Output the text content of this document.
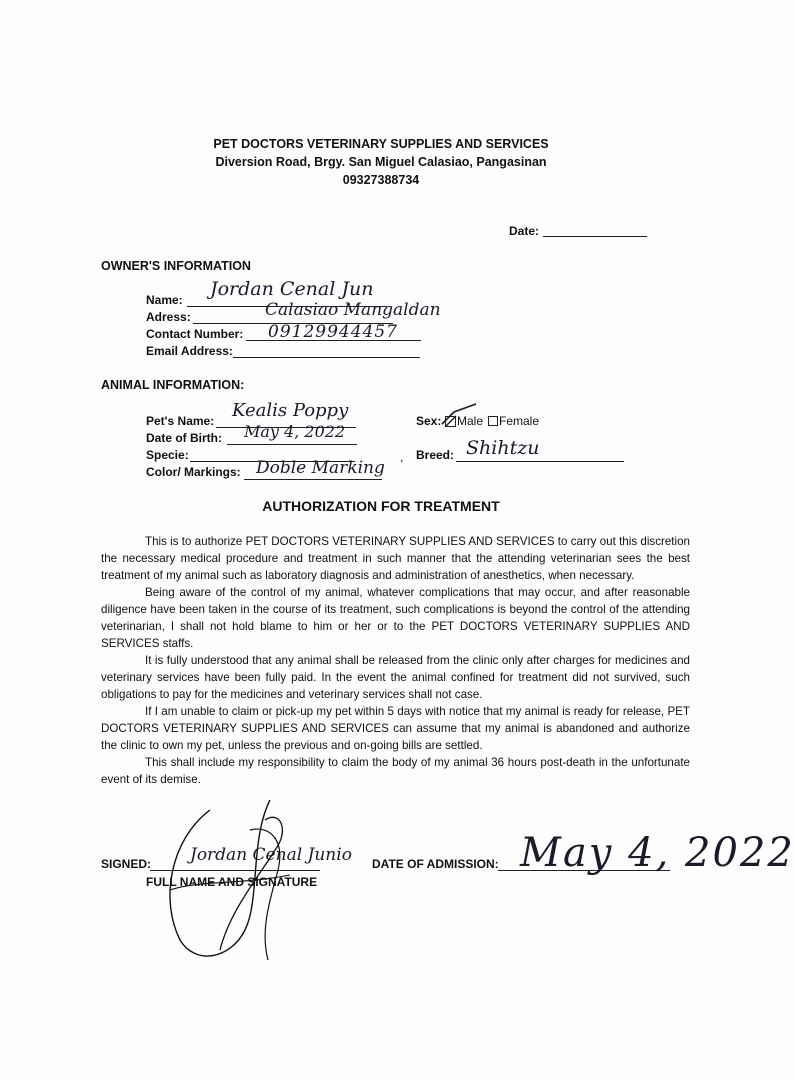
PET DOCTORS VETERINARY SUPPLIES AND SERVICES
Diversion Road, Brgy. San Miguel Calasiao, Pangasinan
09327388734
Date:
OWNER'S INFORMATION
Name: Jordan Cenal Jun
Adress:	Calasiao Mangaldan
Contact Number: 09129944457
Email Address:
ANIMAL INFORMATION:
Pet's Name: Kealis Poppy
Date of Birth: May 4, 2022
Specie:	,
Color/ Markings: Doble Marking
Sex: Male Female
Breed: Shihtzu
AUTHORIZATION FOR TREATMENT

This is to authorize PET DOCTORS VETERINARY SUPPLIES AND SERVICES to carry out this discretion the necessary medical procedure and treatment in such manner that the attending veterinarian sees the best treatment of my animal such as laboratory diagnosis and administration of anesthetics, when necessary.

Being aware of the control of my animal, whatever complications that may occur, and after reasonable diligence have been taken in the course of its treatment, such complications is beyond the control of the attending veterinarian, I shall not hold blame to him or her or to the PET DOCTORS VETERINARY SUPPLIES AND SERVICES staffs.

It is fully understood that any animal shall be released from the clinic only after charges for medicines and veterinary services have been fully paid. In the event the animal confined for treatment did not survived, such obligations to pay for the medicines and veterinary services shall not case.

If I am unable to claim or pick-up my pet within 5 days with notice that my animal is ready for release, PET DOCTORS VETERINARY SUPPLIES AND SERVICES can assume that my animal is abandoned and authorize the clinic to own my pet, unless the previous and on-going bills are settled.

This shall include my responsibility to claim the body of my animal 36 hours post-death in the unfortunate event of its demise.

SIGNED: Jordan Cenal Junio
FULL NAME AND SIGNATURE
DATE OF ADMISSION: May 4, 2022
